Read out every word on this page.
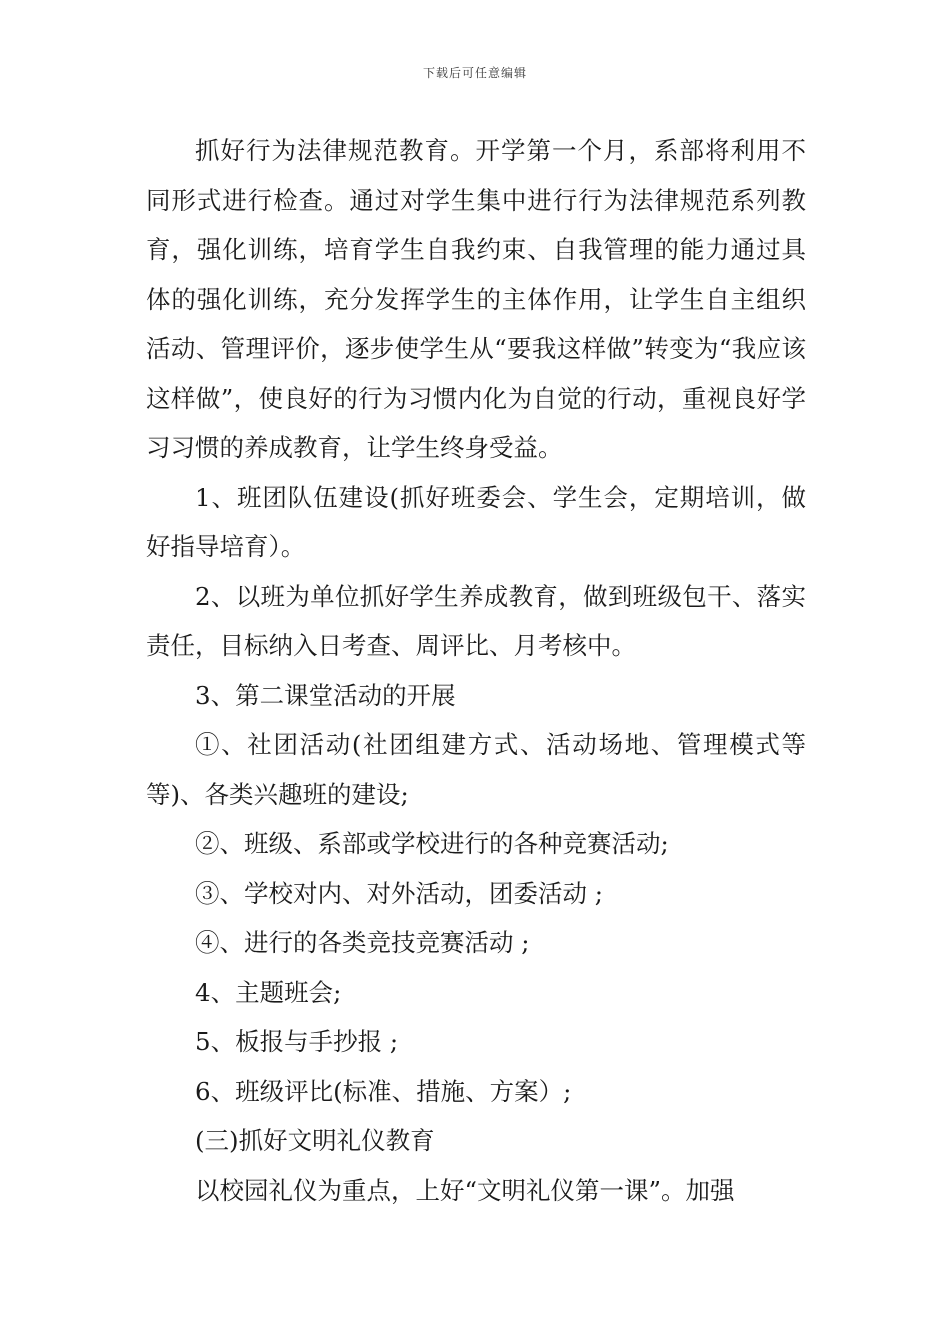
下载后可任意编辑

抓好行为法律规范教育。开学第一个月，系部将利用不同形式进行检查。通过对学生集中进行行为法律规范系列教育，强化训练，培育学生自我约束、自我管理的能力通过具体的强化训练，充分发挥学生的主体作用，让学生自主组织活动、管理评价，逐步使学生从“要我这样做”转变为“我应该这样做”，使良好的行为习惯内化为自觉的行动，重视良好学习习惯的养成教育，让学生终身受益。

1、班团队伍建设(抓好班委会、学生会，定期培训，做好指导培育）。

2、以班为单位抓好学生养成教育，做到班级包干、落实责任，目标纳入日考查、周评比、月考核中。

3、第二课堂活动的开展

①、社团活动(社团组建方式、活动场地、管理模式等等)、各类兴趣班的建设;

②、班级、系部或学校进行的各种竞赛活动;

③、学校对内、对外活动，团委活动 ;

④、进行的各类竞技竞赛活动 ;

4、主题班会;

5、板报与手抄报 ;

6、班级评比(标准、措施、方案）;

(三)抓好文明礼仪教育

以校园礼仪为重点，上好“文明礼仪第一课”。加强
